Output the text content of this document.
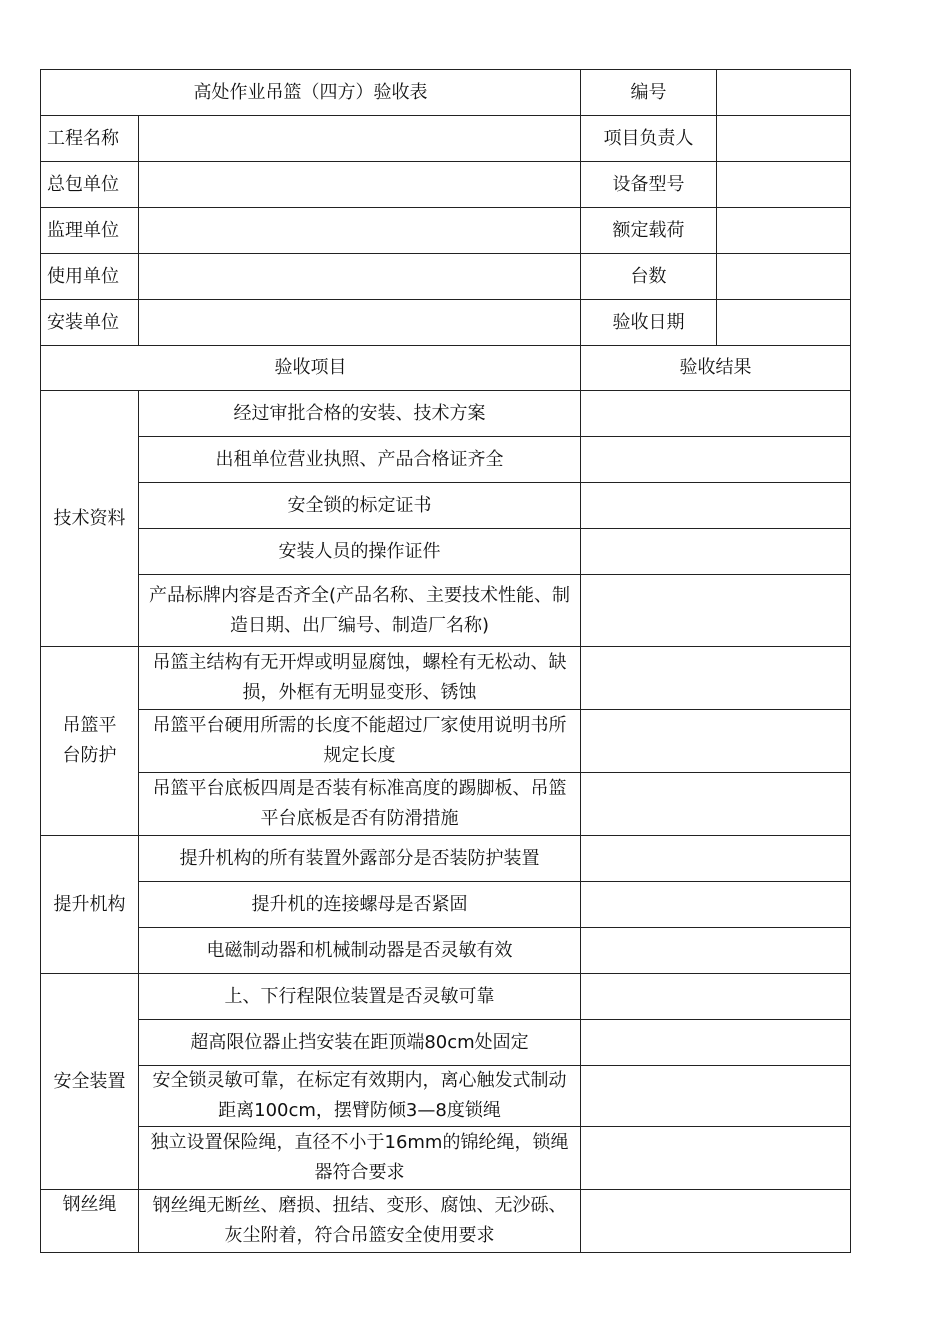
高处作业吊篮（四方）验收表		编号	
工程名称		项目负责人	
总包单位		设备型号	
监理单位		额定载荷	
使用单位		台数	
安装单位		验收日期	
验收项目		验收结果	
技术资料	经过审批合格的安装、技术方案		
	出租单位营业执照、产品合格证齐全		
	安全锁的标定证书		
	安装人员的操作证件		
	产品标牌内容是否齐全(产品名称、主要技术性能、制造日期、出厂编号、制造厂名称)		
吊篮平台防护	吊篮主结构有无开焊或明显腐蚀，螺栓有无松动、缺损，外框有无明显变形、锈蚀		
	吊篮平台硬用所需的长度不能超过厂家使用说明书所规定长度		
	吊篮平台底板四周是否装有标准高度的踢脚板、吊篮平台底板是否有防滑措施		
提升机构	提升机构的所有装置外露部分是否装防护装置		
	提升机的连接螺母是否紧固		
	电磁制动器和机械制动器是否灵敏有效		
安全装置	上、下行程限位装置是否灵敏可靠		
	超高限位器止挡安装在距顶端80cm处固定		
	安全锁灵敏可靠，在标定有效期内，离心触发式制动距离100cm，摆臂防倾3—8度锁绳		
	独立设置保险绳，直径不小于16mm的锦纶绳，锁绳器符合要求		
钢丝绳	钢丝绳无断丝、磨损、扭结、变形、腐蚀、无沙砾、灰尘附着，符合吊篮安全使用要求		
